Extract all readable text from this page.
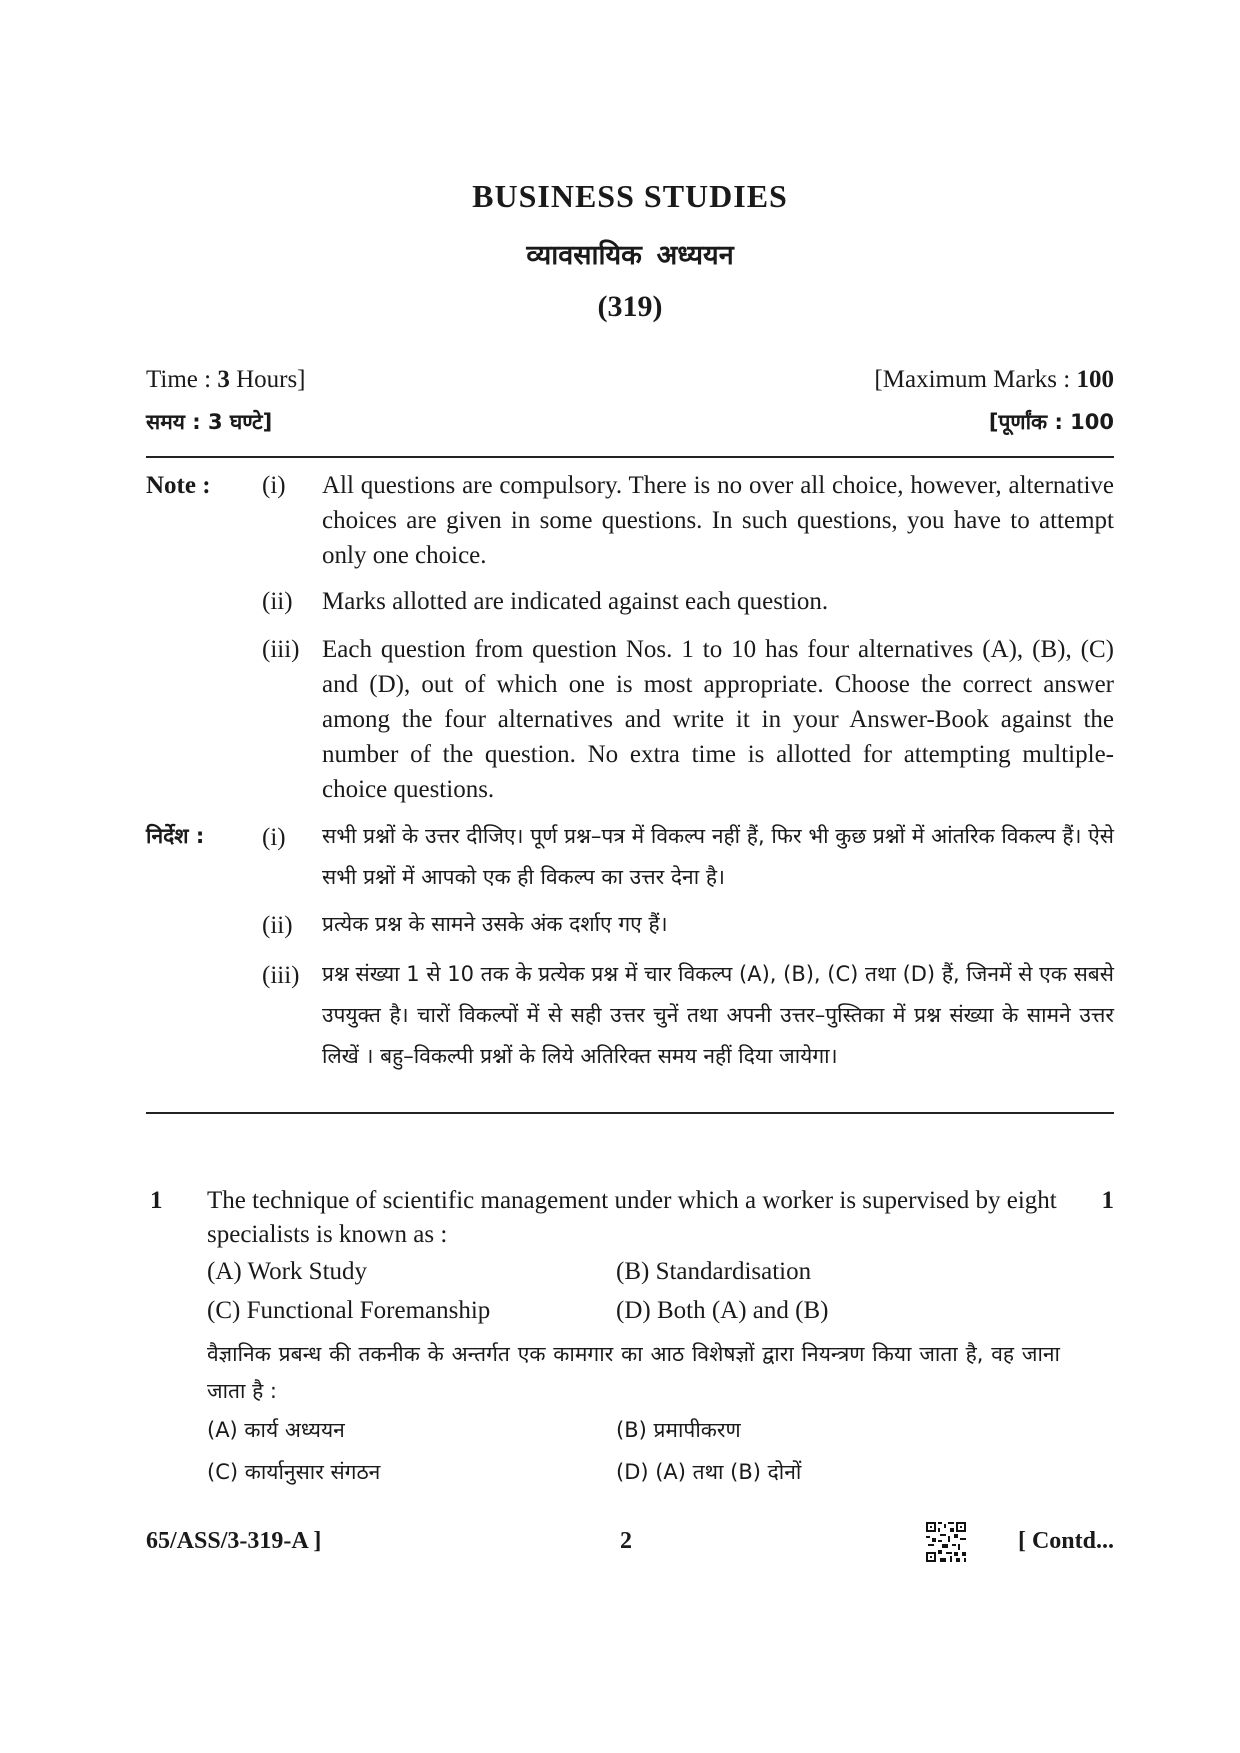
BUSINESS STUDIES
व्यावसायिक अध्ययन
(319)
Time : 3 Hours]	[Maximum Marks : 100
समय : 3 घण्टे]	[पूर्णांक : 100
Note : (i) All questions are compulsory. There is no over all choice, however, alternative choices are given in some questions. In such questions, you have to attempt only one choice.
(ii) Marks allotted are indicated against each question.
(iii) Each question from question Nos. 1 to 10 has four alternatives (A), (B), (C) and (D), out of which one is most appropriate. Choose the correct answer among the four alternatives and write it in your Answer-Book against the number of the question. No extra time is allotted for attempting multiple-choice questions.
निर्देश : (i) सभी प्रश्नों के उत्तर दीजिए। पूर्ण प्रश्न–पत्र में विकल्प नहीं हैं, फिर भी कुछ प्रश्नों में आंतरिक विकल्प हैं। ऐसे सभी प्रश्नों में आपको एक ही विकल्प का उत्तर देना है।
(ii) प्रत्येक प्रश्न के सामने उसके अंक दर्शाए गए हैं।
(iii) प्रश्न संख्या 1 से 10 तक के प्रत्येक प्रश्न में चार विकल्प (A), (B), (C) तथा (D) हैं, जिनमें से एक सबसे उपयुक्त है। चारों विकल्पों में से सही उत्तर चुनें तथा अपनी उत्तर–पुस्तिका में प्रश्न संख्या के सामने उत्तर लिखें । बहु–विकल्पी प्रश्नों के लिये अतिरिक्त समय नहीं दिया जायेगा।
1 The technique of scientific management under which a worker is supervised by eight specialists is known as :
1
(A) Work Study	(B) Standardisation
(C) Functional Foremanship	(D) Both (A) and (B)
वैज्ञानिक प्रबन्ध की तकनीक के अन्तर्गत एक कामगार का आठ विशेषज्ञों द्वारा नियन्त्रण किया जाता है, वह जाना जाता है :
(A) कार्य अध्ययन	(B) प्रमापीकरण
(C) कार्यानुसार संगठन	(D) (A) तथा (B) दोनों
65/ASS/3-319-A ]	2	[ Contd...
